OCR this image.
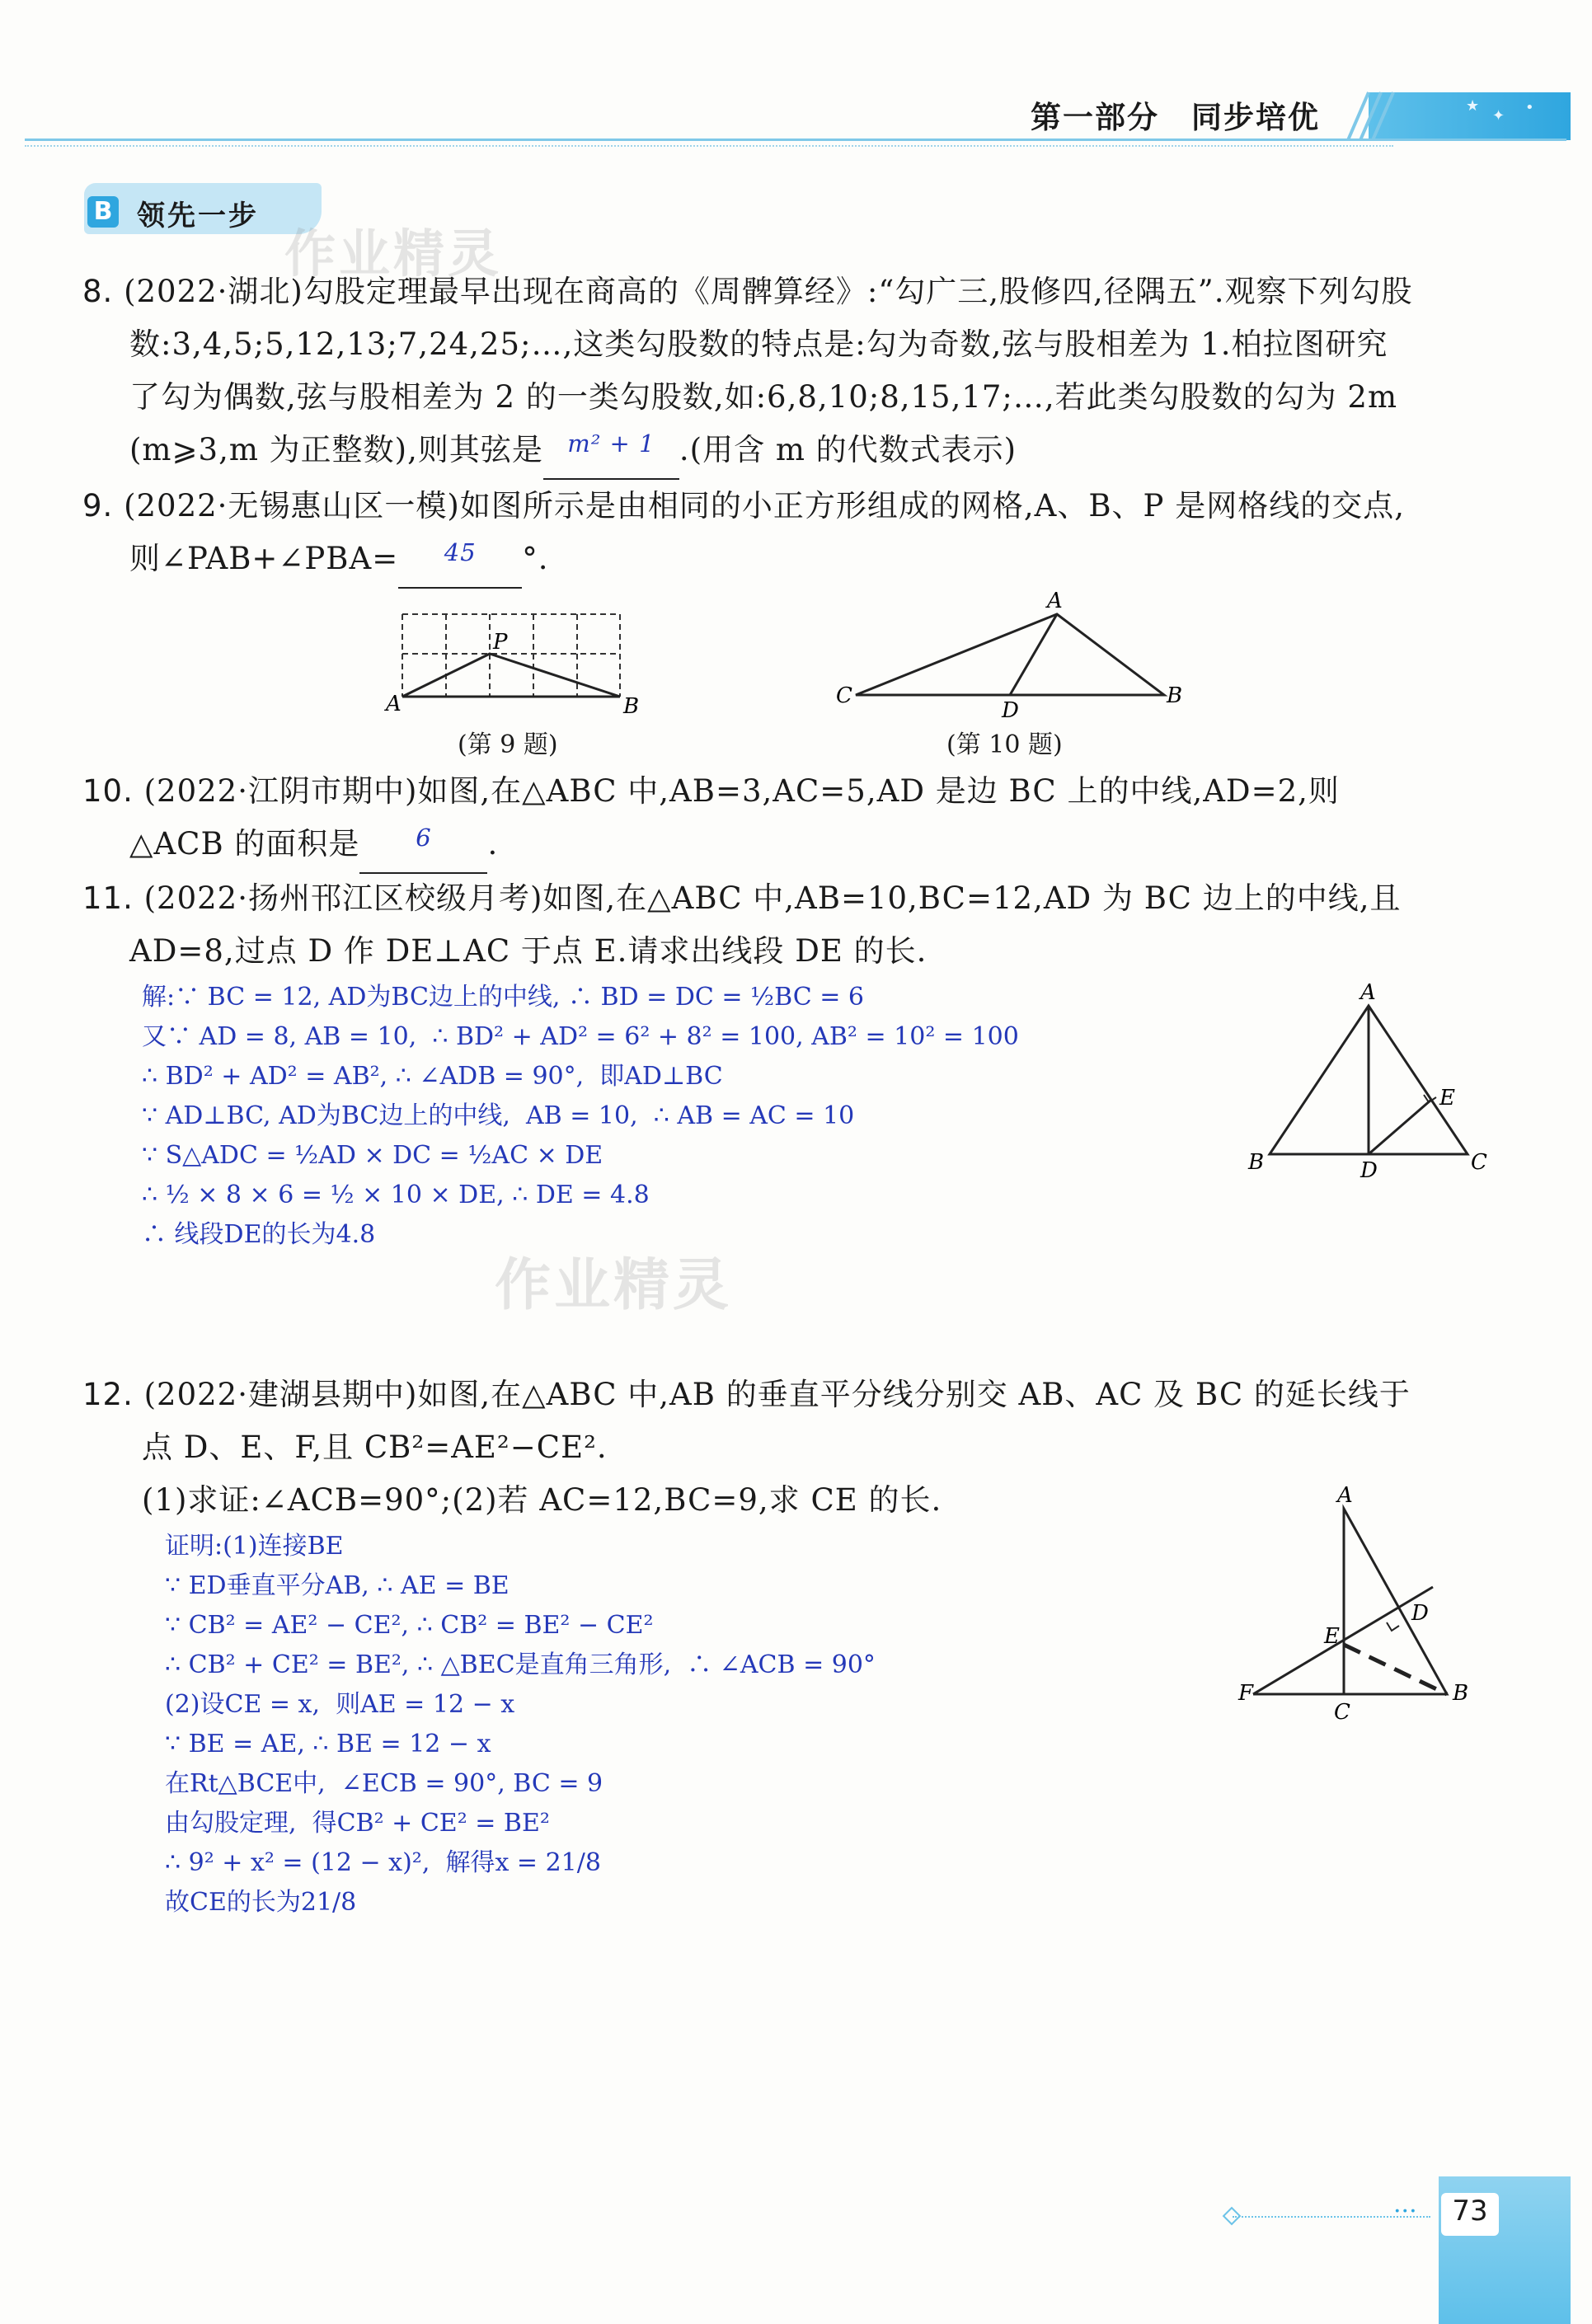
★
✦ •
第一部分　同步培优
B 领先一步
作业精灵
8. (2022·湖北)勾股定理最早出现在商高的《周髀算经》:“勾广三,股修四,径隅五”.观察下列勾股
数:3,4,5;5,12,13;7,24,25;…,这类勾股数的特点是:勾为奇数,弦与股相差为 1.柏拉图研究
了勾为偶数,弦与股相差为 2 的一类勾股数,如:6,8,10;8,15,17;…,若此类勾股数的勾为 2m
(m⩾3,m 为正整数),则其弦是 $^{m^2 + 1}$ .(用含 m 的代数式表示)
9. (2022·无锡惠山区一模)如图所示是由相同的小正方形组成的网格,A、B、P 是网格线的交点,
则∠PAB+∠PBA= $^{45}$ °.
A	B
P
(第 9 题)
A
B
C
D
(第 10 题)
10. (2022·江阴市期中)如图,在△ABC 中,AB=3,AC=5,AD 是边 BC 上的中线,AD=2,则
△ACB 的面积是 $^6$ .
11. (2022·扬州邗江区校级月考)如图,在△ABC 中,AB=10,BC=12,AD 为 BC 边上的中线,且
AD=8,过点 D 作 DE⊥AC 于点 E.请求出线段 DE 的长.
解:∵ BC = 12, AD为BC边上的中线, ∴ BD = DC = ½BC = 6
又∵ AD = 8, AB = 10,  ∴ BD² + AD² = 6² + 8² = 100, AB² = 10² = 100
∴ BD² + AD² = AB², ∴ ∠ADB = 90°,  即AD⊥BC
∵ AD⊥BC, AD为BC边上的中线,  AB = 10,  ∴ AB = AC = 10
∵ S△ADC = ½AD × DC = ½AC × DE
∴ ½ × 8 × 6 = ½ × 10 × DE, ∴ DE = 4.8
∴ 线段DE的长为4.8
作业精灵
A
B	C
D
E
12. (2022·建湖县期中)如图,在△ABC 中,AB 的垂直平分线分别交 AB、AC 及 BC 的延长线于
点 D、E、F,且 CB²=AE²−CE².
(1)求证:∠ACB=90°;(2)若 AC=12,BC=9,求 CE 的长.
证明:(1)连接BE
∵ ED垂直平分AB, ∴ AE = BE
∵ CB² = AE² − CE², ∴ CB² = BE² − CE²
∴ CB² + CE² = BE², ∴ △BEC是直角三角形,  ∴ ∠ACB = 90°
(2)设CE = x,  则AE = 12 − x
∵ BE = AE, ∴ BE = 12 − x
在Rt△BCE中,  ∠ECB = 90°, BC = 9
由勾股定理,  得CB² + CE² = BE²
∴ 9² + x² = (12 − x)²,  解得x = 21/8
故CE的长为21/8
A
B
C
D
E
F
···	73
